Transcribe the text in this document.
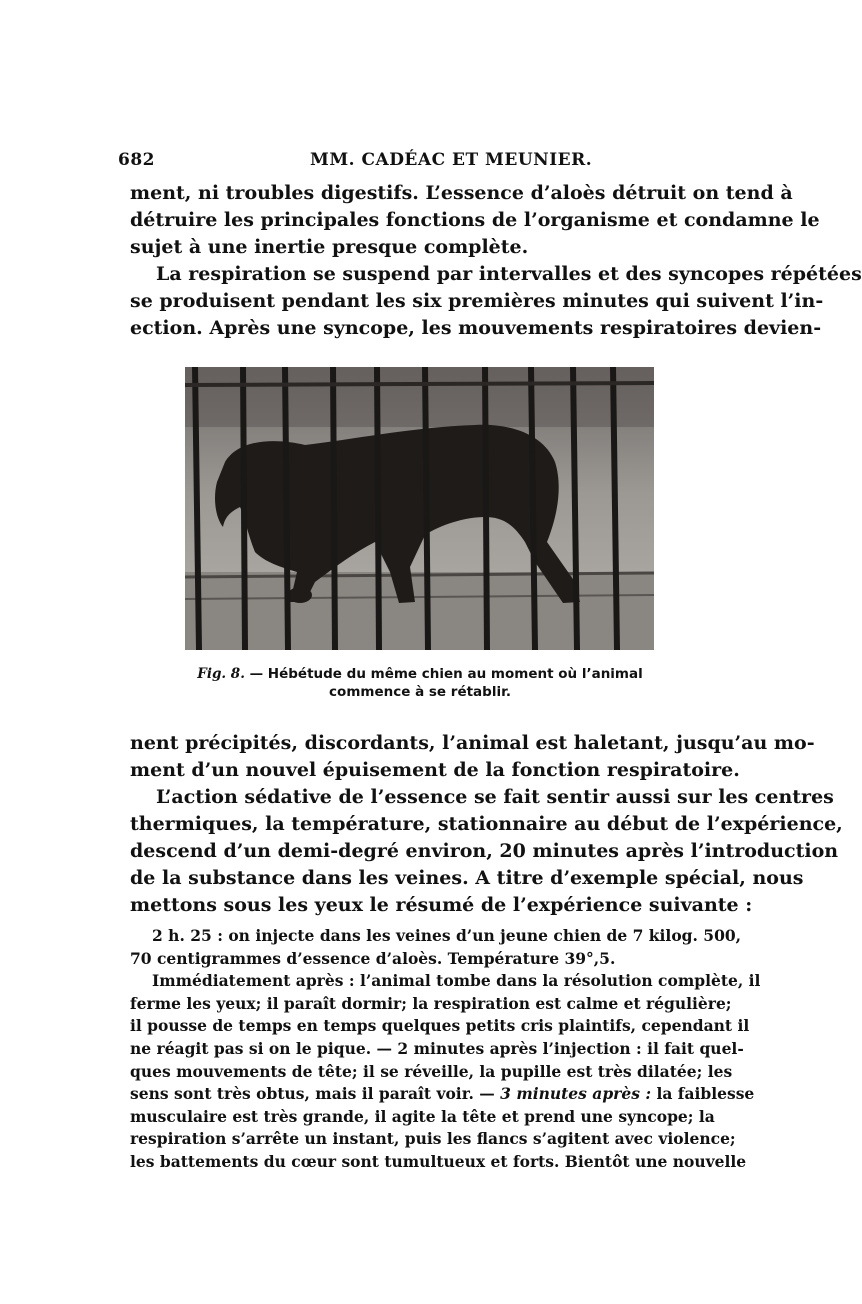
682	MM. CADÉAC ET MEUNIER.
ment, ni troubles digestifs. L’essence d’aloès détruit on tend à
détruire les principales fonctions de l’organisme et condamne le
sujet à une inertie presque complète.
La respiration se suspend par intervalles et des syncopes répétées
se produisent pendant les six premières minutes qui suivent l’in-
ection. Après une syncope, les mouvements respiratoires devien-
Fig. 8. — Hébétude du même chien au moment où l’animal
commence à se rétablir.
nent précipités, discordants, l’animal est haletant, jusqu’au mo-
ment d’un nouvel épuisement de la fonction respiratoire.
L’action sédative de l’essence se fait sentir aussi sur les centres
thermiques, la température, stationnaire au début de l’expérience,
descend d’un demi-degré environ, 20 minutes après l’introduction
de la substance dans les veines. A titre d’exemple spécial, nous
mettons sous les yeux le résumé de l’expérience suivante :
2 h. 25 : on injecte dans les veines d’un jeune chien de 7 kilog. 500,
70 centigrammes d’essence d’aloès. Température 39°,5.
Immédiatement après : l’animal tombe dans la résolution complète, il
ferme les yeux; il paraît dormir; la respiration est calme et régulière;
il pousse de temps en temps quelques petits cris plaintifs, cependant il
ne réagit pas si on le pique. — 2 minutes après l’injection : il fait quel-
ques mouvements de tête; il se réveille, la pupille est très dilatée; les
sens sont très obtus, mais il paraît voir. — 3 minutes après : la faiblesse
musculaire est très grande, il agite la tête et prend une syncope; la
respiration s’arrête un instant, puis les flancs s’agitent avec violence;
les battements du cœur sont tumultueux et forts. Bientôt une nouvelle
